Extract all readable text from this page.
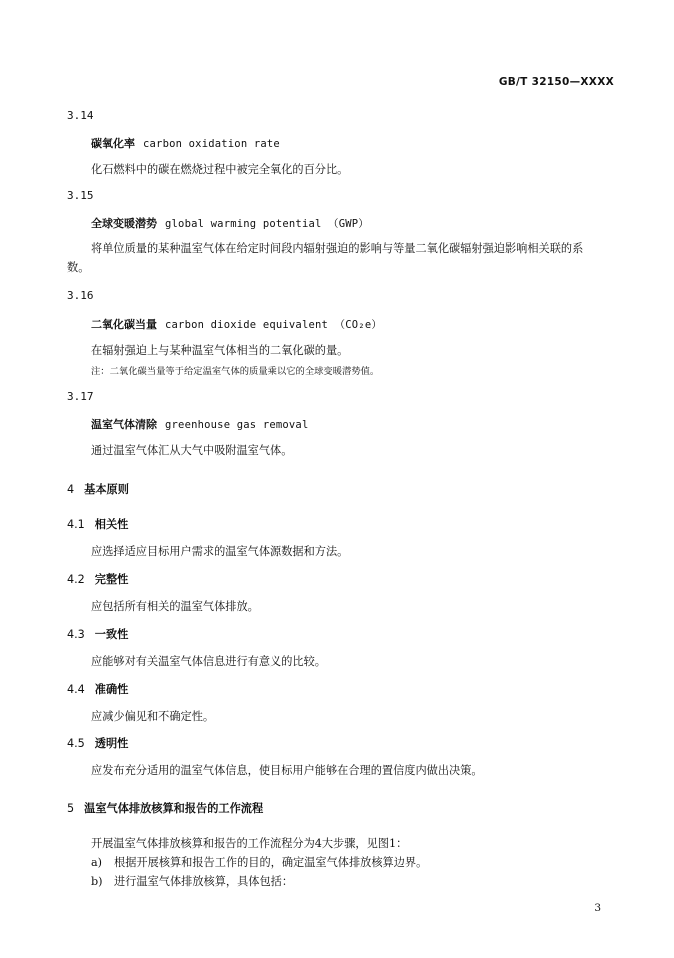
GB/T 32150—XXXX
3.14
碳氧化率 carbon oxidation rate
化石燃料中的碳在燃烧过程中被完全氧化的百分比。
3.15
全球变暖潜势 global warming potential （GWP）
将单位质量的某种温室气体在给定时间段内辐射强迫的影响与等量二氧化碳辐射强迫影响相关联的系数。
3.16
二氧化碳当量 carbon dioxide equivalent （CO₂e）
在辐射强迫上与某种温室气体相当的二氧化碳的量。
注：二氧化碳当量等于给定温室气体的质量乘以它的全球变暖潜势值。
3.17
温室气体清除 greenhouse gas removal
通过温室气体汇从大气中吸附温室气体。
4 基本原则
4.1 相关性
应选择适应目标用户需求的温室气体源数据和方法。
4.2 完整性
应包括所有相关的温室气体排放。
4.3 一致性
应能够对有关温室气体信息进行有意义的比较。
4.4 准确性
应减少偏见和不确定性。
4.5 透明性
应发布充分适用的温室气体信息，使目标用户能够在合理的置信度内做出决策。
5 温室气体排放核算和报告的工作流程
开展温室气体排放核算和报告的工作流程分为4大步骤，见图1：
a) 根据开展核算和报告工作的目的，确定温室气体排放核算边界。
b) 进行温室气体排放核算，具体包括：
3
